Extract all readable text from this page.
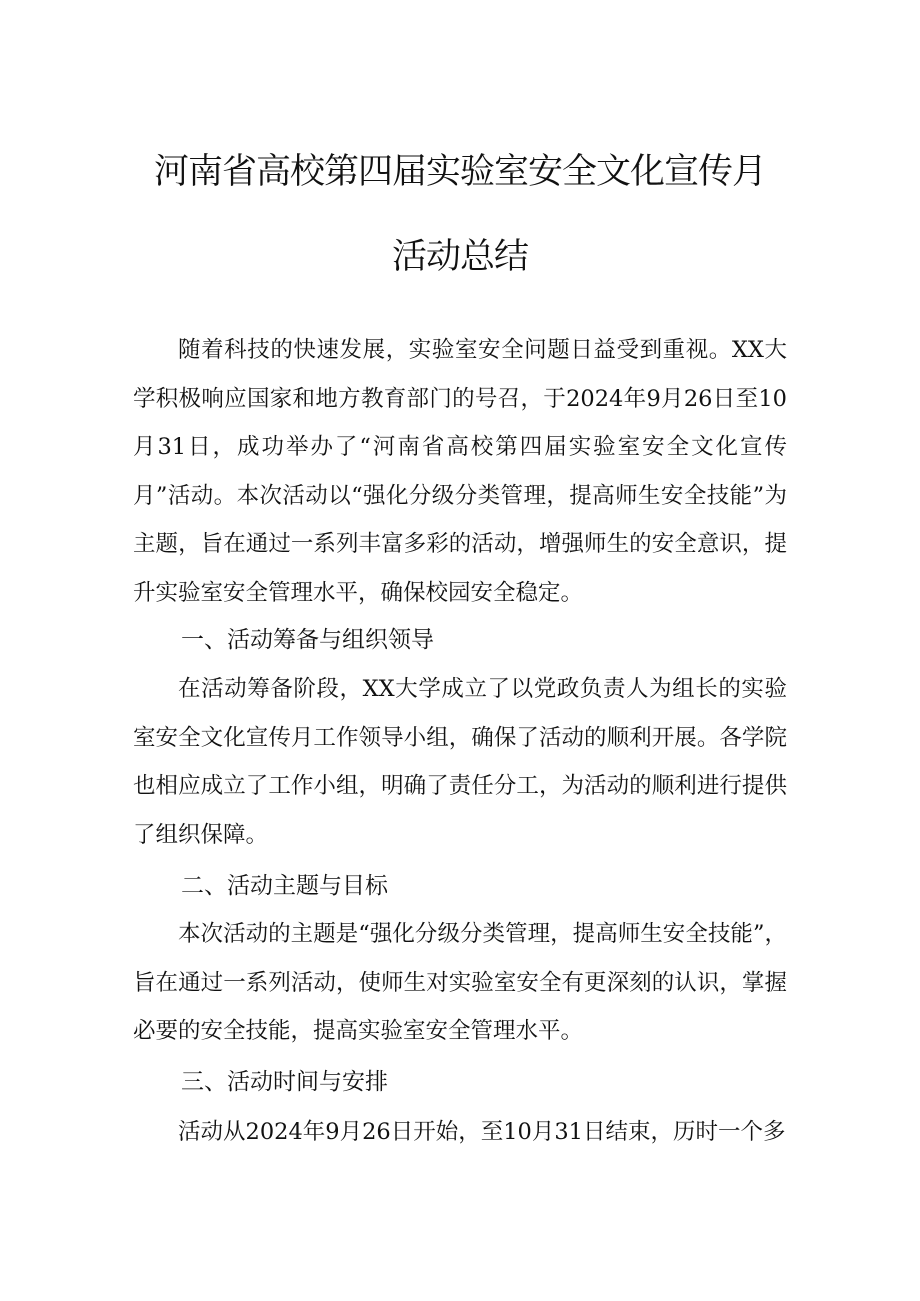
河南省高校第四届实验室安全文化宣传月
活动总结

随着科技的快速发展，实验室安全问题日益受到重视。XX大学积极响应国家和地方教育部门的号召，于2024年9月26日至10月31日，成功举办了“河南省高校第四届实验室安全文化宣传月”活动。本次活动以“强化分级分类管理，提高师生安全技能”为主题，旨在通过一系列丰富多彩的活动，增强师生的安全意识，提升实验室安全管理水平，确保校园安全稳定。

一、活动筹备与组织领导

在活动筹备阶段，XX大学成立了以党政负责人为组长的实验室安全文化宣传月工作领导小组，确保了活动的顺利开展。各学院也相应成立了工作小组，明确了责任分工，为活动的顺利进行提供了组织保障。

二、活动主题与目标

本次活动的主题是“强化分级分类管理，提高师生安全技能”，旨在通过一系列活动，使师生对实验室安全有更深刻的认识，掌握必要的安全技能，提高实验室安全管理水平。

三、活动时间与安排

活动从2024年9月26日开始，至10月31日结束，历时一个多
